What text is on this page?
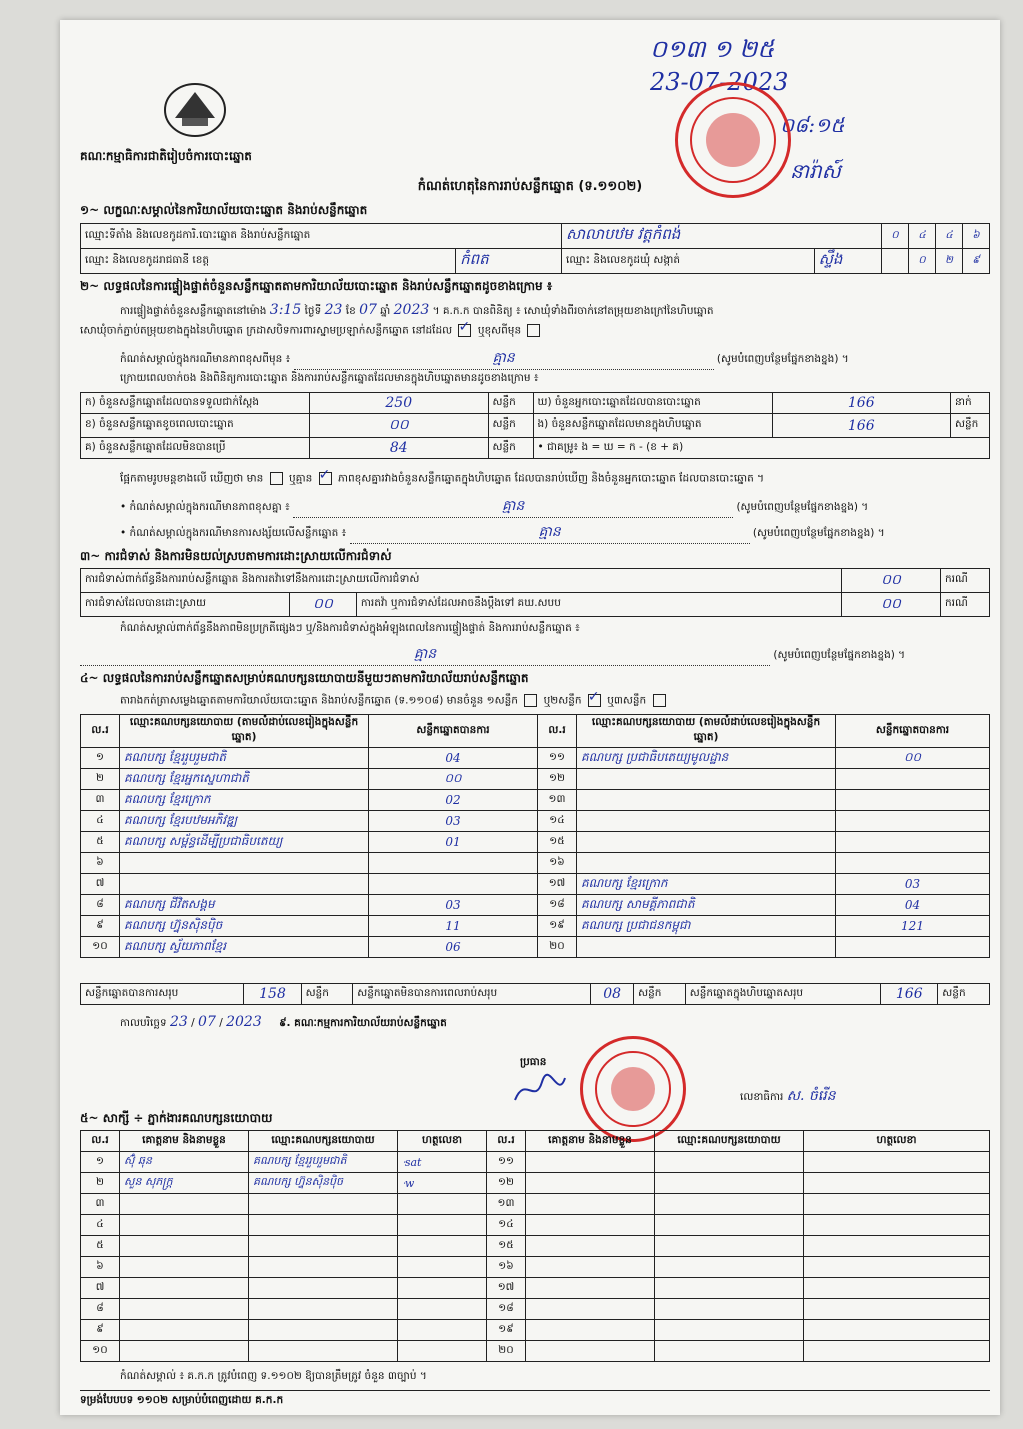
គណៈកម្មាធិការជាតិរៀបចំការបោះឆ្នោត
០១៣ ១ ២៥
23-07-2023
០៨:១៥
នារ៉ាស៍
កំណត់ហេតុនៃការរាប់សន្លឹកឆ្នោត (ទ.១១០២)
១~ លក្ខណៈសម្គាល់នៃការិយាល័យបោះឆ្នោត និងរាប់សន្លឹកឆ្នោត
ឈ្មោះទីតាំង និងលេខកូដការិ.បោះឆ្នោត និងរាប់សន្លឹកឆ្នោត		សាលាបឋម វត្តកំពង់		០	៤	៤	៦
ឈ្មោះ និងលេខកូដរាជធានី ខេត្ត	កំពត	ឈ្មោះ និងលេខកូដឃុំ សង្កាត់	ស្ទឹង		០	២	៩
២~ លទ្ធផលនៃការផ្ទៀងផ្ទាត់ចំនួនសន្លឹកឆ្នោតតាមការិយាល័យបោះឆ្នោត និងរាប់សន្លឹកឆ្នោតដូចខាងក្រោម ៖
ការផ្ទៀងផ្ទាត់ចំនួនសន្លឹកឆ្នោតនៅម៉ោង 3:15 ថ្ងៃទី 23 ខែ 07 ឆ្នាំ 2023 ។ គ.ក.ក បានពិនិត្យ ៖ សោឃុំទាំងពីរចាក់នៅតម្រុយខាងក្រៅនៃហិបឆ្នោត
សោឃុំចាក់ភ្ជាប់តម្រុយខាងក្នុងនៃហិបឆ្នោត ក្រដាសបិទការពារស្នាមប្រឡាក់សន្លឹកឆ្នោត នៅដដែល ✓ ឬខុសពីមុន
កំណត់សម្គាល់ក្នុងករណីមានភាពខុសពីមុន ៖	គ្មាន	(សូមបំពេញបន្ថែមផ្នែកខាងខ្នង) ។
ក្រោយពេលចាក់ចង និងពិនិត្យការបោះឆ្នោត និងការរាប់សន្លឹកឆ្នោតដែលមានក្នុងហិបឆ្នោតមានដូចខាងក្រោម ៖
ក) ចំនួនសន្លឹកឆ្នោតដែលបានទទួលជាក់ស្តែង	250	សន្លឹក	ឃ) ចំនួនអ្នកបោះឆ្នោតដែលបានបោះឆ្នោត	166	នាក់
ខ) ចំនួនសន្លឹកឆ្នោតខូចពេលបោះឆ្នោត	០០	សន្លឹក	ង) ចំនួនសន្លឹកឆ្នោតដែលមានក្នុងហិបឆ្នោត	166	សន្លឹក
គ) ចំនួនសន្លឹកឆ្នោតដែលមិនបានប្រើ	84	សន្លឹក	• ជាគម្រូ៖ ង = ឃ = ក - (ខ + គ)		
ផ្អែកតាមរូបមន្តខាងលើ ឃើញថា មាន ឬគ្មាន ✓ ភាពខុសគ្នារវាងចំនួនសន្លឹកឆ្នោតក្នុងហិបឆ្នោត ដែលបានរាប់ឃើញ និងចំនួនអ្នកបោះឆ្នោត ដែលបានបោះឆ្នោត ។
• កំណត់សម្គាល់ក្នុងករណីមានភាពខុសគ្នា ៖	គ្មាន	(សូមបំពេញបន្ថែមផ្នែកខាងខ្នង) ។
• កំណត់សម្គាល់ក្នុងករណីមានការសង្ស័យលើសន្លឹកឆ្នោត ៖	គ្មាន	(សូមបំពេញបន្ថែមផ្នែកខាងខ្នង) ។
៣~ ការជំទាស់ និងការមិនយល់ស្របតាមការដោះស្រាយលើការជំទាស់
ការជំទាស់ពាក់ព័ន្ធនឹងការរាប់សន្លឹកឆ្នោត និងការតវ៉ាទៅនឹងការដោះស្រាយលើការជំទាស់			០០	ករណី
ការជំទាស់ដែលបានដោះស្រាយ	០០	ការតវ៉ា ឬការជំទាស់ដែលអាចនឹងប្តឹងទៅ គឃ.សបប	០០	ករណី
កំណត់សម្គាល់ពាក់ព័ន្ធនឹងភាពមិនប្រក្រតីផ្សេងៗ ឬ/និងការជំទាស់ក្នុងអំឡុងពេលនៃការផ្ទៀងផ្ទាត់ និងការរាប់សន្លឹកឆ្នោត ៖
គ្មាន	(សូមបំពេញបន្ថែមផ្នែកខាងខ្នង) ។
៤~ លទ្ធផលនៃការរាប់សន្លឹកឆ្នោតសម្រាប់គណបក្សនយោបាយនីមួយៗតាមការិយាល័យរាប់សន្លឹកឆ្នោត
តារាងកត់ត្រាសម្លេងឆ្នោតតាមការិយាល័យបោះឆ្នោត និងរាប់សន្លឹកឆ្នោត (ទ.១១០៨) មានចំនួន ១សន្លឹក ឬ២សន្លឹក ✓ ឬ៣សន្លឹក
ល.រ	ឈ្មោះគណបក្សនយោបាយ (តាមលំដាប់លេខរៀងក្នុងសន្លឹកឆ្នោត)	សន្លឹកឆ្នោតបានការ	ល.រ	ឈ្មោះគណបក្សនយោបាយ (តាមលំដាប់លេខរៀងក្នុងសន្លឹកឆ្នោត)	សន្លឹកឆ្នោតបានការ
១	គណបក្ស ខ្មែររួបរួមជាតិ	04	១១	គណបក្ស ប្រជាធិបតេយ្យមូលដ្ឋាន	០០
២	គណបក្ស ខ្មែរអ្នកស្នេហាជាតិ	០០	១២		
៣	គណបក្ស ខ្មែរក្រោក	02	១៣		
៤	គណបក្ស ខ្មែរបឋមអភិវឌ្ឍ	03	១៤		
៥	គណបក្ស សម្ព័ន្ធដើម្បីប្រជាធិបតេយ្យ	01	១៥		
៦			១៦		
៧			១៧	គណបក្ស ខ្មែរក្រោក	03
៨	គណបក្ស ជីវិតសង្គម	03	១៨	គណបក្ស សាមគ្គីភាពជាតិ	04
៩	គណបក្ស ហ្វ៊ុនស៊ិនប៉ិច	11	១៩	គណបក្ស ប្រជាជនកម្ពុជា	121
១០	គណបក្ស ស្វ័យភាពខ្មែរ	06	២០		
សន្លឹកឆ្នោតបានការសរុប	158	សន្លឹក	សន្លឹកឆ្នោតមិនបានការពេលរាប់សរុប	08	សន្លឹក	សន្លឹកឆ្នោតក្នុងហិបឆ្នោតសរុប	166	សន្លឹក
កាលបរិច្ឆេទ 23 / 07 / 2023 ៩. គណៈកម្មការការិយាល័យរាប់សន្លឹកឆ្នោត
ប្រធាន
លេខាធិការ ស. ចំរើន
៥~ សាក្សី ÷ ភ្នាក់ងារគណបក្សនយោបាយ
ល.រ	គោត្តនាម និងនាមខ្លួន	ឈ្មោះគណបក្សនយោបាយ	ហត្ថលេខា	ល.រ	គោត្តនាម និងនាមខ្លួន	ឈ្មោះគណបក្សនយោបាយ	ហត្ថលេខា
១	ស៊ុំ ឆុន	គណបក្ស ខ្មែររួបរួមជាតិ	ᐧsat	១១			
២	សួន សុភក្ត្រ	គណបក្ស ហ្វ៊ុនស៊ិនប៉ិច	ᐧw	១២			
៣				១៣			
៤				១៤			
៥				១៥			
៦				១៦			
៧				១៧			
៨				១៨			
៩				១៩			
១០				២០			
កំណត់សម្គាល់ ៖ គ.ក.ក ត្រូវបំពេញ ទ.១១០២ ឱ្យបានត្រឹមត្រូវ ចំនួន ៣ច្បាប់ ។
ទម្រង់បែបបទ ១១០២ សម្រាប់បំពេញដោយ គ.ក.ក
